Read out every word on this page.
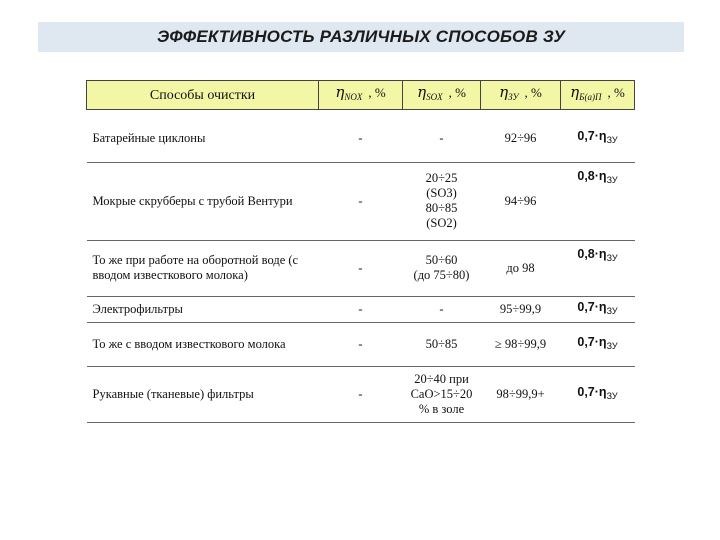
ЭФФЕКТИВНОСТЬ РАЗЛИЧНЫХ СПОСОБОВ ЗУ
Способы очистки	$\eta_{NOX}$ , %	$\eta_{SOX}$ , %	$\eta_{ЗУ}$ , %	$\eta_{Б(а)П}$ , %

Батарейные циклоны	-	-	92÷96	$0,7\cdot\eta_{ЗУ}$
Мокрые скрубберы с трубой Вентури	-	20÷25
(SO3)
80÷85
(SO2)	94÷96	$0,8\cdot\eta_{ЗУ}$
То же при работе на оборотной воде (с вводом известкового молока)	-	50÷60
(до 75÷80)	до 98	$0,8\cdot\eta_{ЗУ}$
Электрофильтры	-	-	95÷99,9	$0,7\cdot\eta_{ЗУ}$
То же с вводом известкового молока	-	50÷85	≥ 98÷99,9	$0,7\cdot\eta_{ЗУ}$
Рукавные (тканевые) фильтры	-	20÷40 при
CaO>15÷20
% в золе	98÷99,9+	$0,7\cdot\eta_{ЗУ}$
